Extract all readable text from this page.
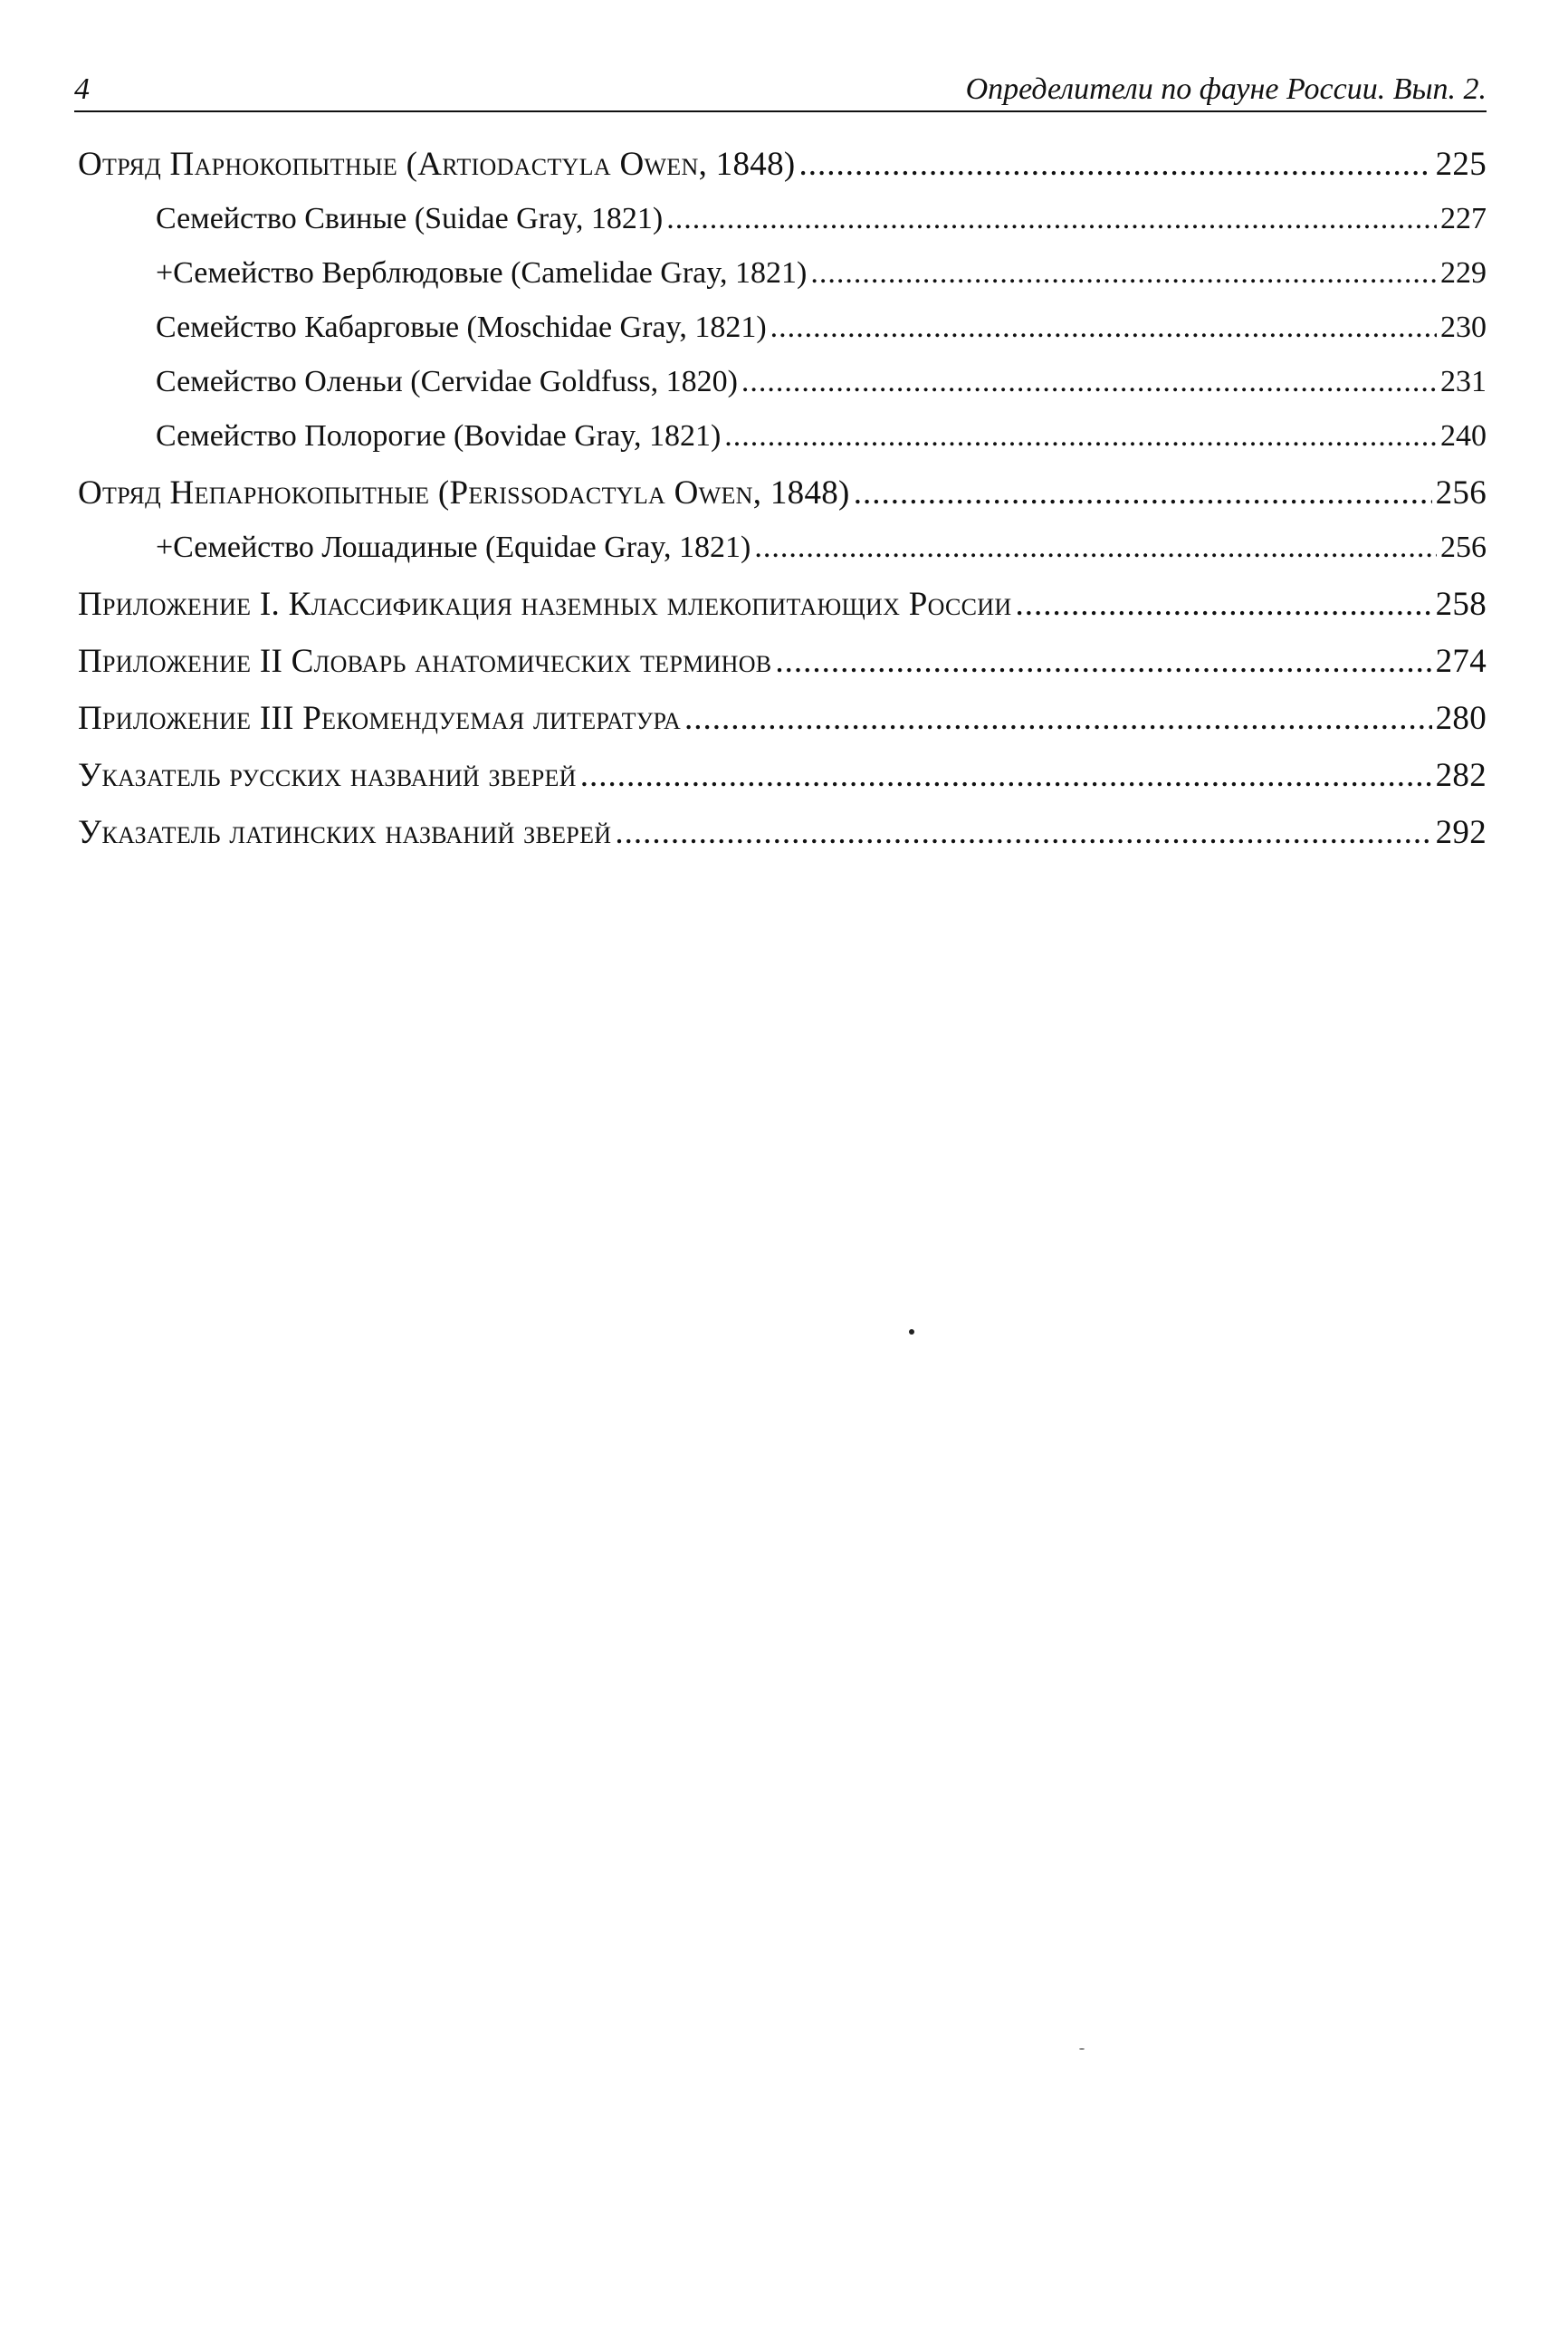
4	Определители по фауне России. Вып. 2.
Отряд Парнокопытные (Artiodactyla Owen, 1848) .....	225
Семейство Свиные (Suidae Gray, 1821) .....	227
+Семейство Верблюдовые (Camelidae Gray, 1821) .....	229
Семейство Кабарговые (Moschidae Gray, 1821) .....	230
Семейство Оленьи (Cervidae Goldfuss, 1820) .....	231
Семейство Полорогие (Bovidae Gray, 1821) .....	240
Отряд Непарнокопытные (Perissodactyla Owen, 1848) .....	256
+Семейство Лошадиные (Equidae Gray, 1821) .....	256
Приложение I. Классификация наземных млекопитающих России .....	258
Приложение II Словарь анатомических терминов .....	274
Приложение III Рекомендуемая литература .....	280
Указатель русских названий зверей .....	282
Указатель латинских названий зверей .....	292
